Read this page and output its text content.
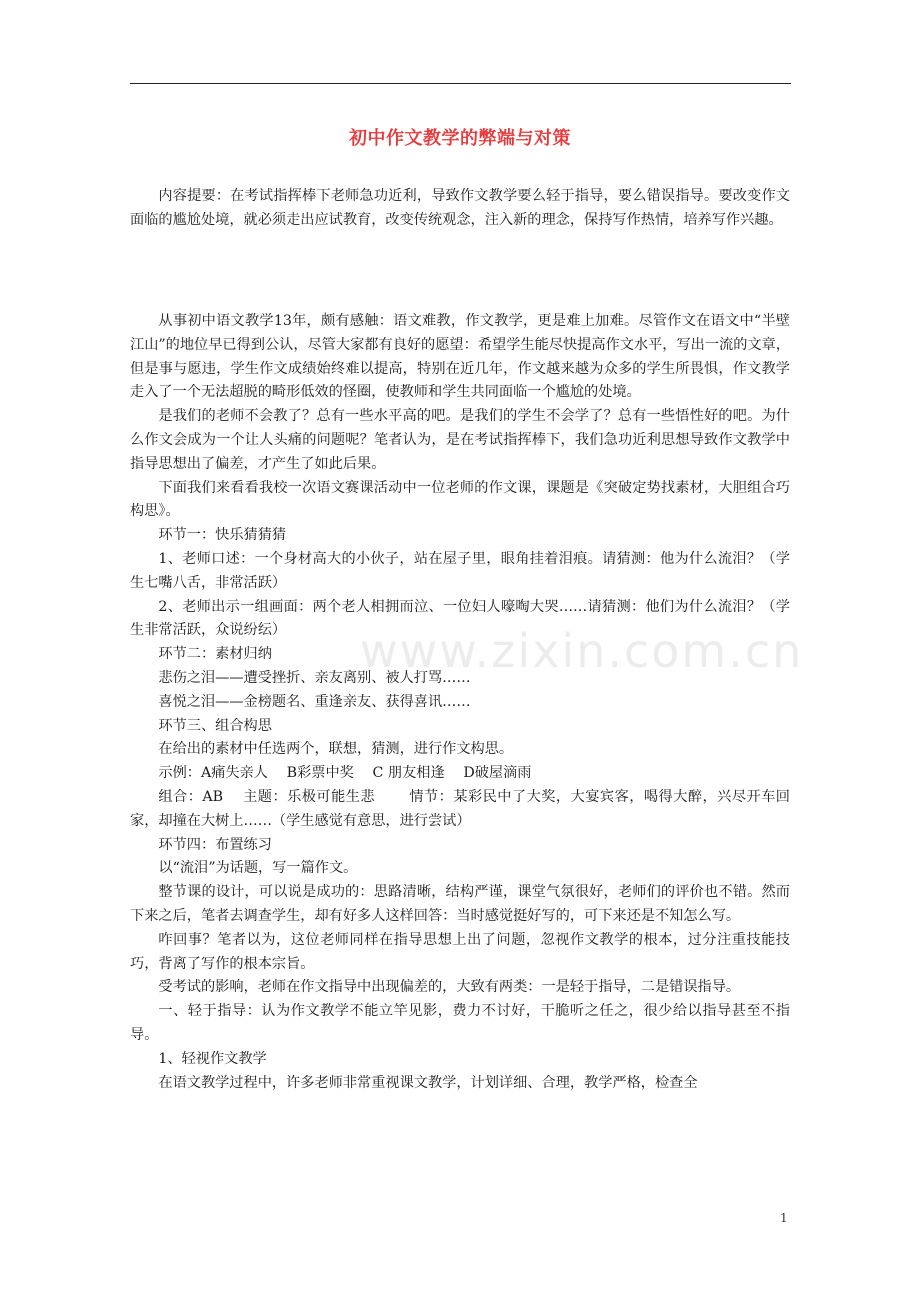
初中作文教学的弊端与对策

内容提要：在考试指挥棒下老师急功近利，导致作文教学要么轻于指导，要么错误指导。要改变作文面临的尴尬处境，就必须走出应试教育，改变传统观念，注入新的理念，保持写作热情，培养写作兴趣。

从事初中语文教学13年，颇有感触：语文难教，作文教学，更是难上加难。尽管作文在语文中“半壁江山”的地位早已得到公认，尽管大家都有良好的愿望：希望学生能尽快提高作文水平，写出一流的文章，但是事与愿违，学生作文成绩始终难以提高，特别在近几年，作文越来越为众多的学生所畏惧，作文教学走入了一个无法超脱的畸形低效的怪圈，使教师和学生共同面临一个尴尬的处境。

是我们的老师不会教了？总有一些水平高的吧。是我们的学生不会学了？总有一些悟性好的吧。为什么作文会成为一个让人头痛的问题呢？笔者认为，是在考试指挥棒下，我们急功近利思想导致作文教学中指导思想出了偏差，才产生了如此后果。

下面我们来看看我校一次语文赛课活动中一位老师的作文课，课题是《突破定势找素材，大胆组合巧构思》。

环节一：快乐猜猜猜

1、老师口述：一个身材高大的小伙子，站在屋子里，眼角挂着泪痕。请猜测：他为什么流泪？（学生七嘴八舌，非常活跃）

2、老师出示一组画面：两个老人相拥而泣、一位妇人嚎啕大哭……请猜测：他们为什么流泪？（学生非常活跃，众说纷纭）

环节二：素材归纳

悲伤之泪——遭受挫折、亲友离别、被人打骂……

喜悦之泪——金榜题名、重逢亲友、获得喜讯……

环节三、组合构思

在给出的素材中任选两个，联想，猜测，进行作文构思。

示例：A痛失亲人　 B彩票中奖　 C 朋友相逢　 D破屋滴雨

组合：AB　 主题：乐极可能生悲　　 情节：某彩民中了大奖，大宴宾客，喝得大醉，兴尽开车回家，却撞在大树上……（学生感觉有意思，进行尝试）

环节四：布置练习

以“流泪”为话题，写一篇作文。

整节课的设计，可以说是成功的：思路清晰，结构严谨，课堂气氛很好，老师们的评价也不错。然而下来之后，笔者去调查学生，却有好多人这样回答：当时感觉挺好写的，可下来还是不知怎么写。

咋回事？笔者以为，这位老师同样在指导思想上出了问题，忽视作文教学的根本，过分注重技能技巧，背离了写作的根本宗旨。

受考试的影响，老师在作文指导中出现偏差的，大致有两类：一是轻于指导，二是错误指导。

一、轻于指导：认为作文教学不能立竿见影，费力不讨好，干脆听之任之，很少给以指导甚至不指导。

1、轻视作文教学

在语文教学过程中，许多老师非常重视课文教学，计划详细、合理，教学严格，检查全

www.zixin.com.cn
1
